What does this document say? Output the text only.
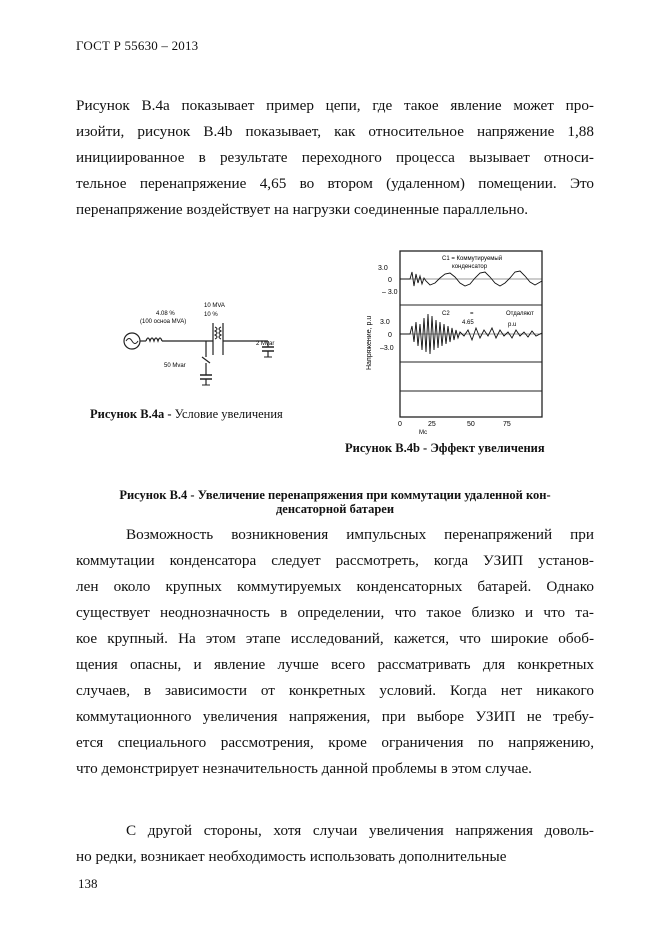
ГОСТ Р 55630 – 2013
Рисунок В.4а показывает пример цепи, где такое явление может про-
изойти, рисунок В.4b показывает, как относительное напряжение 1,88
инициированное в результате переходного процесса вызывает относи-
тельное перенапряжение 4,65 во втором (удаленном) помещении. Это
перенапряжение воздействует на нагрузки соединенные параллельно.
4.08 %
(100 осноа MVA)
10 MVA
10 %
2 Mvar
50 Mvar
Рисунок В.4а - Условие увеличения
3.0
0
– 3.0
3.0
0
–3.0
Напряжение, p.u
C1 = Коммутируемый
конденсатор
C2	=	Отдаляют
4.65	p.u
0	25	50	75
Мс
Рисунок В.4b - Эффект увеличения
Рисунок В.4 - Увеличение перенапряжения при коммутации удаленной кон-
денсаторной батареи
Возможность возникновения импульсных перенапряжений при
коммутации конденсатора следует рассмотреть, когда УЗИП установ-
лен около крупных коммутируемых конденсаторных батарей. Однако
существует неоднозначность в определении, что такое близко и что та-
кое крупный. На этом этапе исследований, кажется, что широкие обоб-
щения опасны, и явление лучше всего рассматривать для конкретных
случаев, в зависимости от конкретных условий. Когда нет никакого
коммутационного увеличения напряжения, при выборе УЗИП не требу-
ется специального рассмотрения, кроме ограничения по напряжению,
что демонстрирует незначительность данной проблемы в этом случае.
С другой стороны, хотя случаи увеличения напряжения доволь-
но редки, возникает необходимость использовать дополнительные
138
